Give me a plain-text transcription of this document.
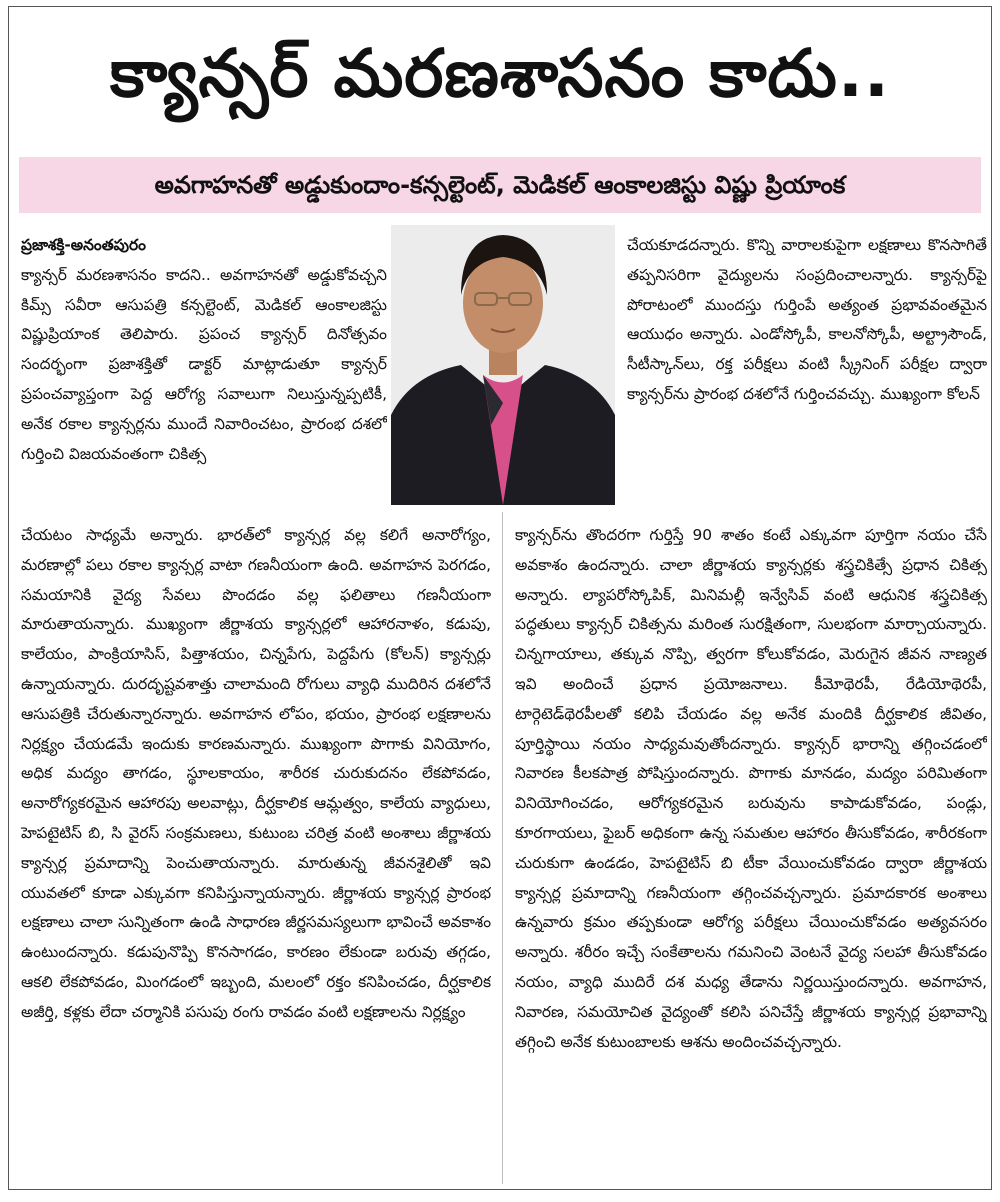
క్యాన్సర్ మరణశాసనం కాదు..
అవగాహనతో అడ్డుకుందాం-కన్సల్టెంట్, మెడికల్ ఆంకాలజిస్టు విష్ణు ప్రియాంక
ప్రజాశక్తి-అనంతపురం
క్యాన్సర్ మరణశాసనం కాదని.. అవగాహనతో అడ్డుకోవచ్చని కిమ్స్ సవీరా ఆసుపత్రి కన్సల్టెంట్, మెడికల్ ఆంకాలజిస్టు విష్ణుప్రియాంక తెలిపారు. ప్రపంచ క్యాన్సర్ దినోత్సవం సందర్భంగా ప్రజాశక్తితో డాక్టర్ మాట్లాడుతూ క్యాన్సర్ ప్రపంచవ్యాప్తంగా పెద్ద ఆరోగ్య సవాలుగా నిలుస్తున్నప్పటికీ, అనేక రకాల క్యాన్సర్లను ముందే నివారించటం, ప్రారంభ దశలో గుర్తించి విజయవంతంగా చికిత్స
చేయటం సాధ్యమే అన్నారు. భారత్‌లో క్యాన్సర్ల వల్ల కలిగే అనారోగ్యం, మరణాల్లో పలు రకాల క్యాన్సర్ల వాటా గణనీయంగా ఉంది. అవగాహన పెరగడం, సమయానికి వైద్య సేవలు పొందడం వల్ల ఫలితాలు గణనీయంగా మారుతాయన్నారు. ముఖ్యంగా జీర్ణాశయ క్యాన్సర్లలో ఆహారనాళం, కడుపు, కాలేయం, పాంక్రియాసిస్, పిత్తాశయం, చిన్నపేగు, పెద్దపేగు (కోలన్) క్యాన్సర్లు ఉన్నాయన్నారు. దురదృష్టవశాత్తు చాలామంది రోగులు వ్యాధి ముదిరిన దశలోనే ఆసుపత్రికి చేరుతున్నారన్నారు. అవగాహన లోపం, భయం, ప్రారంభ లక్షణాలను నిర్లక్ష్యం చేయడమే ఇందుకు కారణమన్నారు. ముఖ్యంగా పొగాకు వినియోగం, అధిక మద్యం తాగడం, స్థూలకాయం, శారీరక చురుకుదనం లేకపోవడం, అనారోగ్యకరమైన ఆహారపు అలవాట్లు, దీర్ఘకాలిక ఆమ్లత్వం, కాలేయ వ్యాధులు, హెపటైటిస్ బి, సి వైరస్ సంక్రమణలు, కుటుంబ చరిత్ర వంటి అంశాలు జీర్ణాశయ క్యాన్సర్ల ప్రమాదాన్ని పెంచుతాయన్నారు. మారుతున్న జీవనశైలితో ఇవి యువతలో కూడా ఎక్కువగా కనిపిస్తున్నాయన్నారు. జీర్ణాశయ క్యాన్సర్ల ప్రారంభ లక్షణాలు చాలా సున్నితంగా ఉండి సాధారణ జీర్ణసమస్యలుగా భావించే అవకాశం ఉంటుందన్నారు. కడుపునొప్పి కొనసాగడం, కారణం లేకుండా బరువు తగ్గడం, ఆకలి లేకపోవడం, మింగడంలో ఇబ్బంది, మలంలో రక్తం కనిపించడం, దీర్ఘకాలిక అజీర్తి, కళ్లకు లేదా చర్మానికి పసుపు రంగు రావడం వంటి లక్షణాలను నిర్లక్ష్యం
చేయకూడదన్నారు. కొన్ని వారాలకుపైగా లక్షణాలు కొనసాగితే తప్పనిసరిగా వైద్యులను సంప్రదించాలన్నారు. క్యాన్సర్‌పై పోరాటంలో ముందస్తు గుర్తింపే అత్యంత ప్రభావవంతమైన ఆయుధం అన్నారు. ఎండోస్కోపీ, కాలనోస్కోపీ, అల్ట్రాసౌండ్, సీటీస్కాన్‌లు, రక్త పరీక్షలు వంటి స్క్రీనింగ్ పరీక్షల ద్వారా క్యాన్సర్‌ను ప్రారంభ దశలోనే గుర్తించవచ్చు. ముఖ్యంగా కోలన్
క్యాన్సర్‌ను తొందరగా గుర్తిస్తే 90 శాతం కంటే ఎక్కువగా పూర్తిగా నయం చేసే అవకాశం ఉందన్నారు. చాలా జీర్ణాశయ క్యాన్సర్లకు శస్త్రచికిత్సే ప్రధాన చికిత్స అన్నారు. ల్యాపరోస్కోపిక్, మినిమల్లీ ఇన్వేసివ్ వంటి ఆధునిక శస్త్రచికిత్స పద్ధతులు క్యాన్సర్ చికిత్సను మరింత సురక్షితంగా, సులభంగా మార్చాయన్నారు. చిన్నగాయాలు, తక్కువ నొప్పి, త్వరగా కోలుకోవడం, మెరుగైన జీవన నాణ్యత ఇవి అందించే ప్రధాన ప్రయోజనాలు. కీమోథెరపీ, రేడియోథెరపీ, టార్గెటెడ్‌థెరపీలతో కలిపి చేయడం వల్ల అనేక మందికి దీర్ఘకాలిక జీవితం, పూర్తిస్థాయి నయం సాధ్యమవుతోందన్నారు. క్యాన్సర్ భారాన్ని తగ్గించడంలో నివారణ కీలకపాత్ర పోషిస్తుందన్నారు. పొగాకు మానడం, మద్యం పరిమితంగా వినియోగించడం, ఆరోగ్యకరమైన బరువును కాపాడుకోవడం, పండ్లు, కూరగాయలు, ఫైబర్ అధికంగా ఉన్న సమతుల ఆహారం తీసుకోవడం, శారీరకంగా చురుకుగా ఉండడం, హెపటైటిస్ బి టీకా వేయించుకోవడం ద్వారా జీర్ణాశయ క్యాన్సర్ల ప్రమాదాన్ని గణనీయంగా తగ్గించవచ్చన్నారు. ప్రమాదకారక అంశాలు ఉన్నవారు క్రమం తప్పకుండా ఆరోగ్య పరీక్షలు చేయించుకోవడం అత్యవసరం అన్నారు. శరీరం ఇచ్చే సంకేతాలను గమనించి వెంటనే వైద్య సలహా తీసుకోవడం నయం, వ్యాధి ముదిరే దశ మధ్య తేడాను నిర్ణయిస్తుందన్నారు. అవగాహన, నివారణ, సమయోచిత వైద్యంతో కలిసి పనిచేస్తే జీర్ణాశయ క్యాన్సర్ల ప్రభావాన్ని తగ్గించి అనేక కుటుంబాలకు ఆశను అందించవచ్చన్నారు.
